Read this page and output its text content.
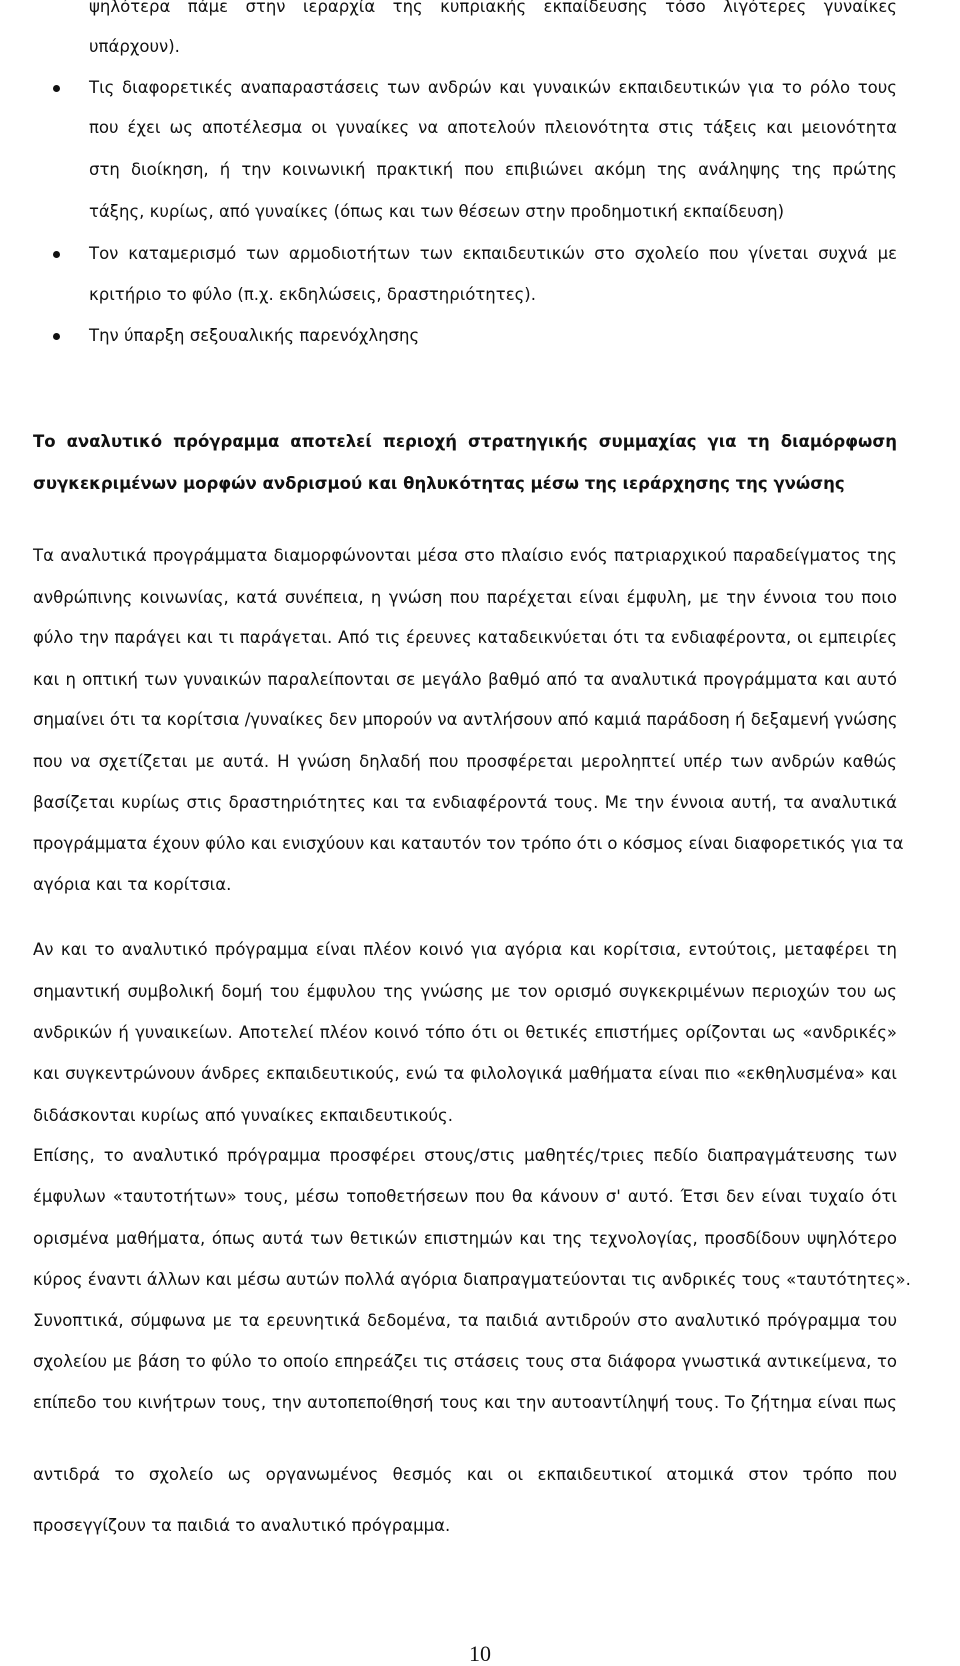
ψηλότερα πάμε στην ιεραρχία της κυπριακής εκπαίδευσης τόσο λιγότερες γυναίκες
υπάρχουν).
Τις διαφορετικές αναπαραστάσεις των ανδρών και γυναικών εκπαιδευτικών για το ρόλο τους
που έχει ως αποτέλεσμα οι γυναίκες να αποτελούν πλειονότητα στις τάξεις και μειονότητα
στη διοίκηση, ή την κοινωνική πρακτική που επιβιώνει ακόμη της ανάληψης της πρώτης
τάξης, κυρίως, από γυναίκες (όπως και των θέσεων στην προδημοτική εκπαίδευση)
Τον καταμερισμό των αρμοδιοτήτων των εκπαιδευτικών στο σχολείο που γίνεται συχνά με
κριτήριο το φύλο (π.χ. εκδηλώσεις, δραστηριότητες).
Την ύπαρξη σεξουαλικής παρενόχλησης
Το αναλυτικό πρόγραμμα αποτελεί περιοχή στρατηγικής συμμαχίας για τη διαμόρφωση
συγκεκριμένων μορφών ανδρισμού και θηλυκότητας μέσω της ιεράρχησης της γνώσης
Τα αναλυτικά προγράμματα διαμορφώνονται μέσα στο πλαίσιο ενός πατριαρχικού παραδείγματος της
ανθρώπινης κοινωνίας, κατά συνέπεια, η γνώση που παρέχεται είναι έμφυλη, με την έννοια του ποιο
φύλο την παράγει και τι παράγεται. Από τις έρευνες καταδεικνύεται ότι τα ενδιαφέροντα, οι εμπειρίες
και η οπτική των γυναικών παραλείπονται σε μεγάλο βαθμό από τα αναλυτικά προγράμματα και αυτό
σημαίνει ότι τα κορίτσια /γυναίκες δεν μπορούν να αντλήσουν από καμιά παράδοση ή δεξαμενή γνώσης
που να σχετίζεται με αυτά. Η γνώση δηλαδή που προσφέρεται μεροληπτεί υπέρ των ανδρών καθώς
βασίζεται κυρίως στις δραστηριότητες και τα ενδιαφέροντά τους. Με την έννοια αυτή, τα αναλυτικά
προγράμματα έχουν φύλο και ενισχύουν και καταυτόν τον τρόπο ότι ο κόσμος είναι διαφορετικός για τα
αγόρια και τα κορίτσια.
Αν και το αναλυτικό πρόγραμμα είναι πλέον κοινό για αγόρια και κορίτσια, εντούτοις, μεταφέρει τη
σημαντική συμβολική δομή του έμφυλου της γνώσης με τον ορισμό συγκεκριμένων περιοχών του ως
ανδρικών ή γυναικείων. Αποτελεί πλέον κοινό τόπο ότι οι θετικές επιστήμες ορίζονται ως «ανδρικές»
και συγκεντρώνουν άνδρες εκπαιδευτικούς, ενώ τα φιλολογικά μαθήματα είναι πιο «εκθηλυσμένα» και
διδάσκονται κυρίως από γυναίκες εκπαιδευτικούς.
Επίσης, το αναλυτικό πρόγραμμα προσφέρει στους/στις μαθητές/τριες πεδίο διαπραγμάτευσης των
έμφυλων «ταυτοτήτων» τους, μέσω τοποθετήσεων που θα κάνουν σ' αυτό. Έτσι δεν είναι τυχαίο ότι
ορισμένα μαθήματα, όπως αυτά των θετικών επιστημών και της τεχνολογίας, προσδίδουν υψηλότερο
κύρος έναντι άλλων και μέσω αυτών πολλά αγόρια διαπραγματεύονται τις ανδρικές τους «ταυτότητες».
Συνοπτικά, σύμφωνα με τα ερευνητικά δεδομένα, τα παιδιά αντιδρούν στο αναλυτικό πρόγραμμα του
σχολείου με βάση το φύλο το οποίο επηρεάζει τις στάσεις τους στα διάφορα γνωστικά αντικείμενα, το
επίπεδο του κινήτρων τους, την αυτοπεποίθησή τους και την αυτοαντίληψή τους. Το ζήτημα είναι πως
αντιδρά το σχολείο ως οργανωμένος θεσμός και οι εκπαιδευτικοί ατομικά στον τρόπο που
προσεγγίζουν τα παιδιά το αναλυτικό πρόγραμμα.
10
